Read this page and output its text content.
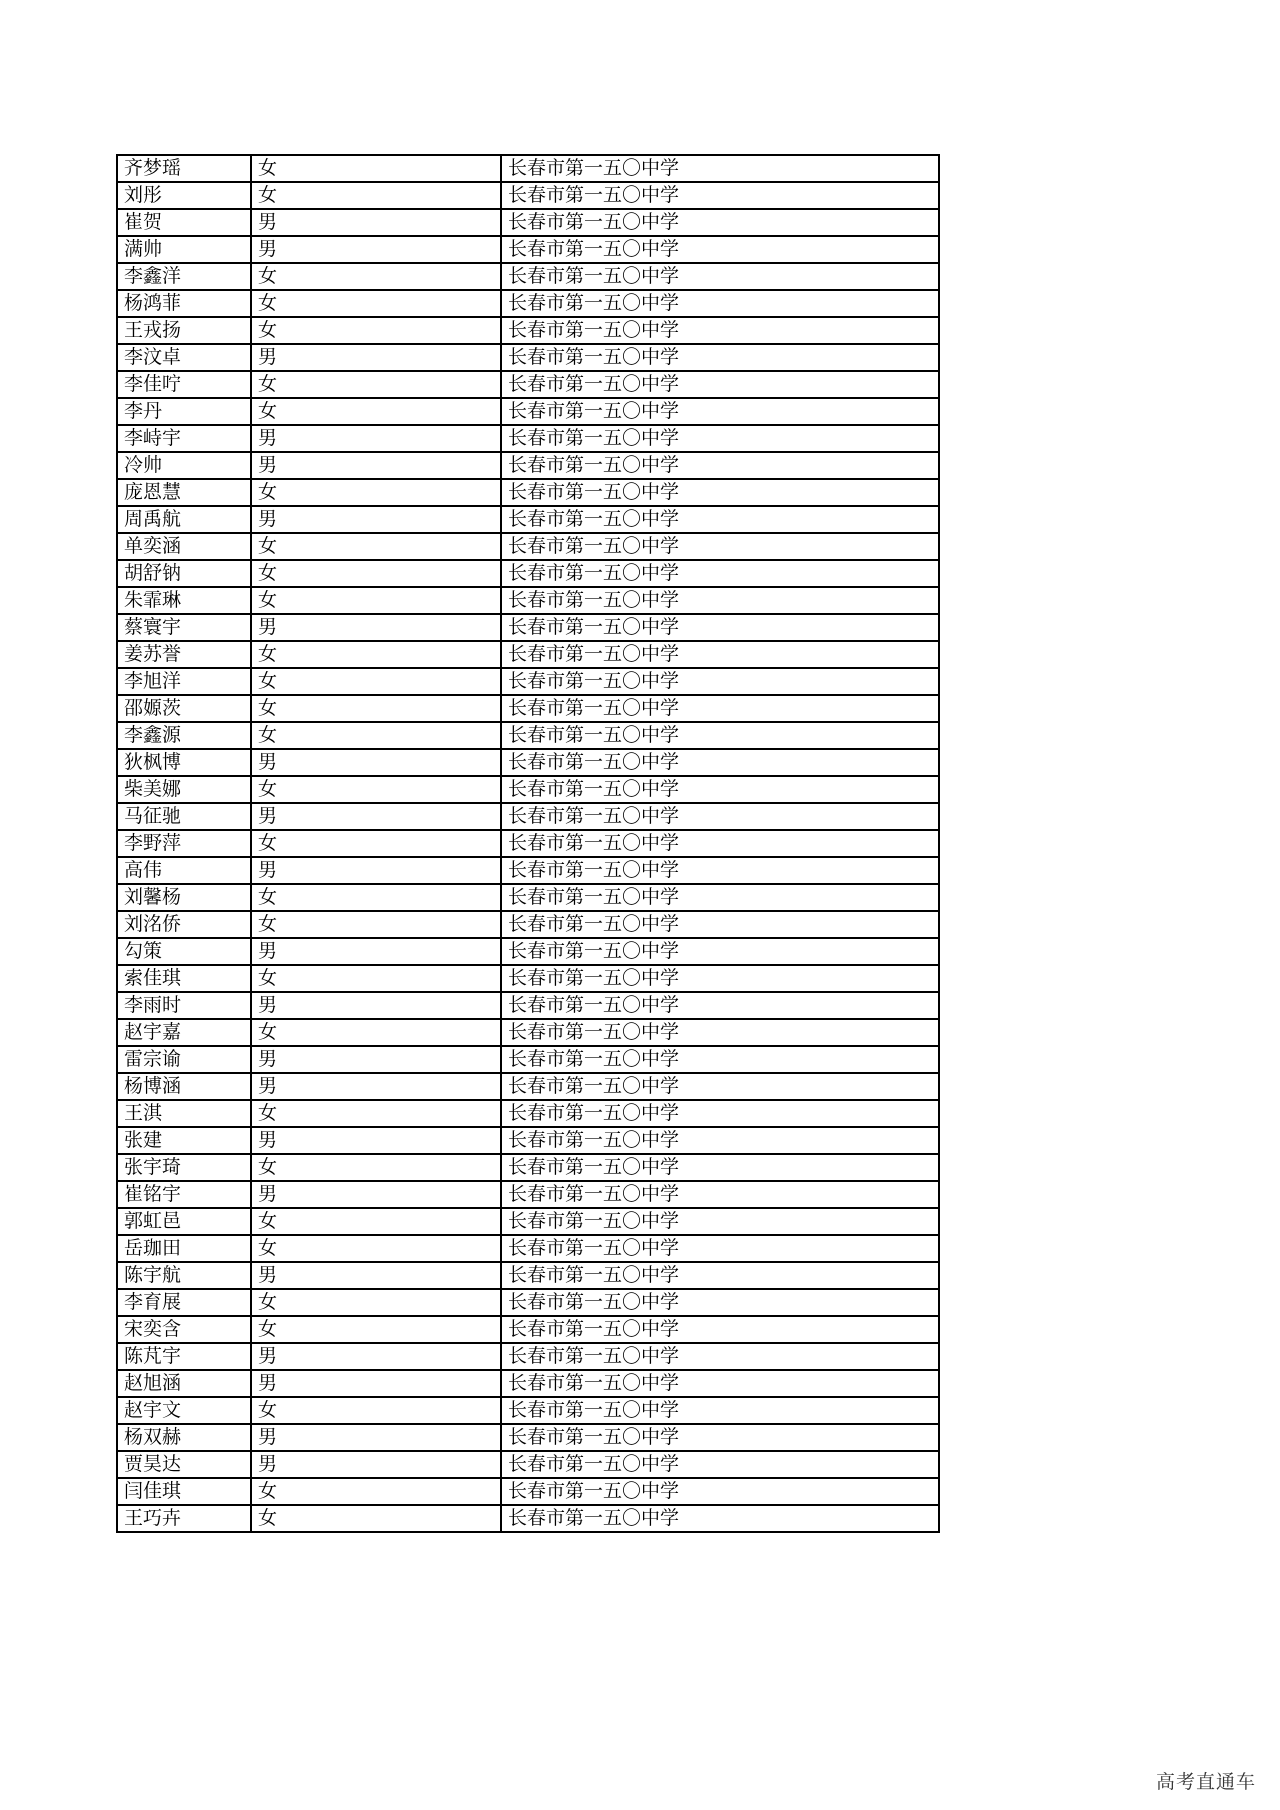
齐梦瑶	女	长春市第一五〇中学
刘彤	女	长春市第一五〇中学
崔贺	男	长春市第一五〇中学
满帅	男	长春市第一五〇中学
李鑫洋	女	长春市第一五〇中学
杨鸿菲	女	长春市第一五〇中学
王戎扬	女	长春市第一五〇中学
李汶卓	男	长春市第一五〇中学
李佳咛	女	长春市第一五〇中学
李丹	女	长春市第一五〇中学
李峙宇	男	长春市第一五〇中学
冷帅	男	长春市第一五〇中学
庞恩慧	女	长春市第一五〇中学
周禹航	男	长春市第一五〇中学
单奕涵	女	长春市第一五〇中学
胡舒钠	女	长春市第一五〇中学
朱霏琳	女	长春市第一五〇中学
蔡寰宇	男	长春市第一五〇中学
姜苏誉	女	长春市第一五〇中学
李旭洋	女	长春市第一五〇中学
邵嫄茨	女	长春市第一五〇中学
李鑫源	女	长春市第一五〇中学
狄枫博	男	长春市第一五〇中学
柴美娜	女	长春市第一五〇中学
马征驰	男	长春市第一五〇中学
李野萍	女	长春市第一五〇中学
高伟	男	长春市第一五〇中学
刘馨杨	女	长春市第一五〇中学
刘洺侨	女	长春市第一五〇中学
勾策	男	长春市第一五〇中学
索佳琪	女	长春市第一五〇中学
李雨时	男	长春市第一五〇中学
赵宇嘉	女	长春市第一五〇中学
雷宗谕	男	长春市第一五〇中学
杨博涵	男	长春市第一五〇中学
王淇	女	长春市第一五〇中学
张建	男	长春市第一五〇中学
张宇琦	女	长春市第一五〇中学
崔铭宇	男	长春市第一五〇中学
郭虹邑	女	长春市第一五〇中学
岳珈田	女	长春市第一五〇中学
陈宇航	男	长春市第一五〇中学
李育展	女	长春市第一五〇中学
宋奕含	女	长春市第一五〇中学
陈芃宇	男	长春市第一五〇中学
赵旭涵	男	长春市第一五〇中学
赵宇文	女	长春市第一五〇中学
杨双赫	男	长春市第一五〇中学
贾昊达	男	长春市第一五〇中学
闫佳琪	女	长春市第一五〇中学
王巧卉	女	长春市第一五〇中学
高考直通车
